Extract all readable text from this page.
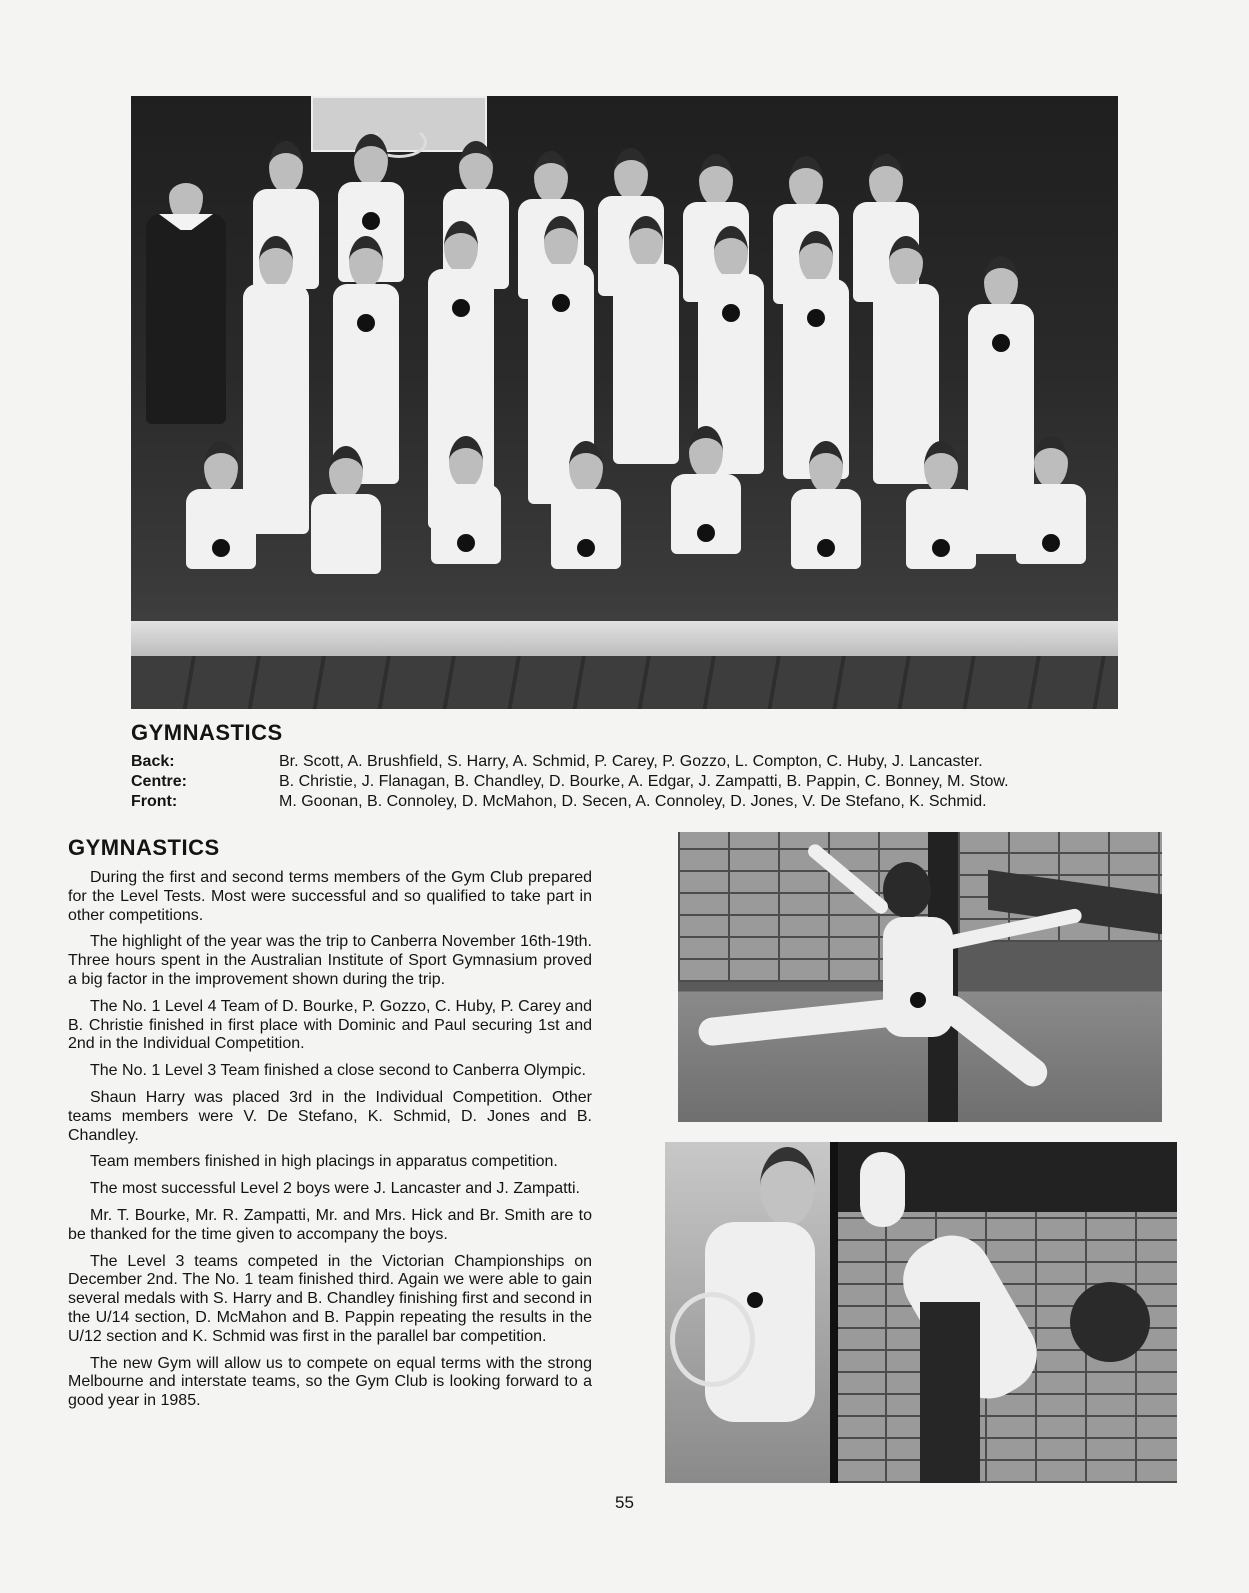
GYMNASTICS
Back:	Br. Scott, A. Brushfield, S. Harry, A. Schmid, P. Carey, P. Gozzo, L. Compton, C. Huby, J. Lancaster.
Centre:	B. Christie, J. Flanagan, B. Chandley, D. Bourke, A. Edgar, J. Zampatti, B. Pappin, C. Bonney, M. Stow.
Front:	M. Goonan, B. Connoley, D. McMahon, D. Secen, A. Connoley, D. Jones, V. De Stefano, K. Schmid.
GYMNASTICS

During the first and second terms members of the Gym Club prepared for the Level Tests. Most were successful and so qualified to take part in other competitions.

The highlight of the year was the trip to Canberra November 16th-19th. Three hours spent in the Australian Institute of Sport Gymnasium proved a big factor in the improvement shown during the trip.

The No. 1 Level 4 Team of D. Bourke, P. Gozzo, C. Huby, P. Carey and B. Christie finished in first place with Dominic and Paul securing 1st and 2nd in the Individual Competition.

The No. 1 Level 3 Team finished a close second to Canberra Olympic.

Shaun Harry was placed 3rd in the Individual Competition. Other teams members were V. De Stefano, K. Schmid, D. Jones and B. Chandley.

Team members finished in high placings in apparatus competition.

The most successful Level 2 boys were J. Lancaster and J. Zampatti.

Mr. T. Bourke, Mr. R. Zampatti, Mr. and Mrs. Hick and Br. Smith are to be thanked for the time given to accompany the boys.

The Level 3 teams competed in the Victorian Championships on December 2nd. The No. 1 team finished third. Again we were able to gain several medals with S. Harry and B. Chandley finishing first and second in the U/14 section, D. McMahon and B. Pappin repeating the results in the U/12 section and K. Schmid was first in the parallel bar competition.

The new Gym will allow us to compete on equal terms with the strong Melbourne and interstate teams, so the Gym Club is looking forward to a good year in 1985.

55
